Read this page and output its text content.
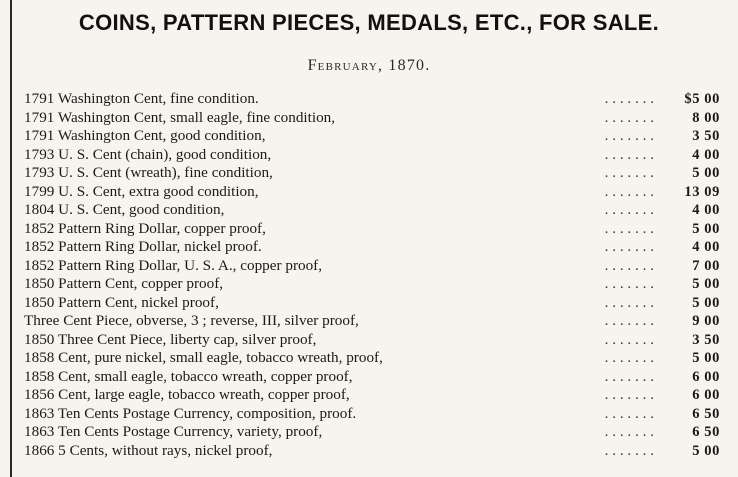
COINS, PATTERN PIECES, MEDALS, ETC., FOR SALE.
February, 1870.
. . . . . . .
1791 Washington Cent, fine condition.	$5 00
. . . . . . .
1791 Washington Cent, small eagle, fine condition,	8 00
. . . . . . .
1791 Washington Cent, good condition,	3 50
. . . . . . .
1793 U. S. Cent (chain), good condition,	4 00
. . . . . . .
1793 U. S. Cent (wreath), fine condition,	5 00
. . . . . . .
1799 U. S. Cent, extra good condition,	13 09
. . . . . . .
1804 U. S. Cent, good condition,	4 00
. . . . . . .
1852 Pattern Ring Dollar, copper proof,	5 00
. . . . . . .
1852 Pattern Ring Dollar, nickel proof.	4 00
. . . . . . .
1852 Pattern Ring Dollar, U. S. A., copper proof,	7 00
. . . . . . .
1850 Pattern Cent, copper proof,	5 00
. . . . . . .
1850 Pattern Cent, nickel proof,	5 00
. . . . . . .
Three Cent Piece, obverse, 3 ; reverse, III, silver proof,	9 00
. . . . . . .
1850 Three Cent Piece, liberty cap, silver proof,	3 50
. . . . . . .
1858 Cent, pure nickel, small eagle, tobacco wreath, proof,	5 00
. . . . . . .
1858 Cent, small eagle, tobacco wreath, copper proof,	6 00
. . . . . . .
1856 Cent, large eagle, tobacco wreath, copper proof,	6 00
. . . . . . .
1863 Ten Cents Postage Currency, composition, proof.	6 50
. . . . . . .
1863 Ten Cents Postage Currency, variety, proof,	6 50
. . . . . . .
1866 5 Cents, without rays, nickel proof,	5 00
